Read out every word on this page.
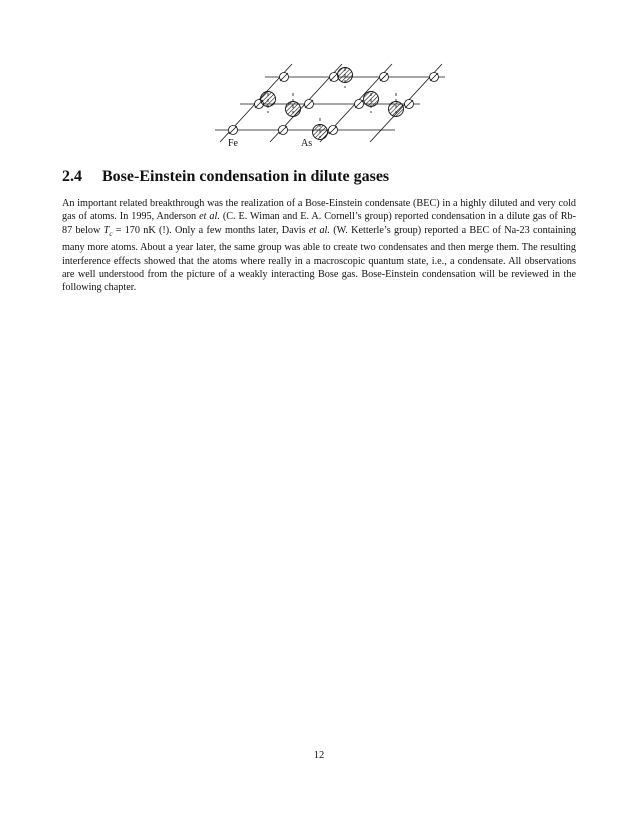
Fe	As
2.4 Bose-Einstein condensation in dilute gases

An important related breakthrough was the realization of a Bose-Einstein condensate (BEC) in a highly diluted and very cold gas of atoms. In 1995, Anderson et al. (C. E. Wiman and E. A. Cornell’s group) reported condensation in a dilute gas of Rb-87 below $T_c = 170$ nK (!). Only a few months later, Davis et al. (W. Ketterle’s group) reported a BEC of Na-23 containing many more atoms. About a year later, the same group was able to create two condensates and then merge them. The resulting interference effects showed that the atoms where really in a macroscopic quantum state, i.e., a condensate. All observations are well understood from the picture of a weakly interacting Bose gas. Bose-Einstein condensation will be reviewed in the following chapter.

12
